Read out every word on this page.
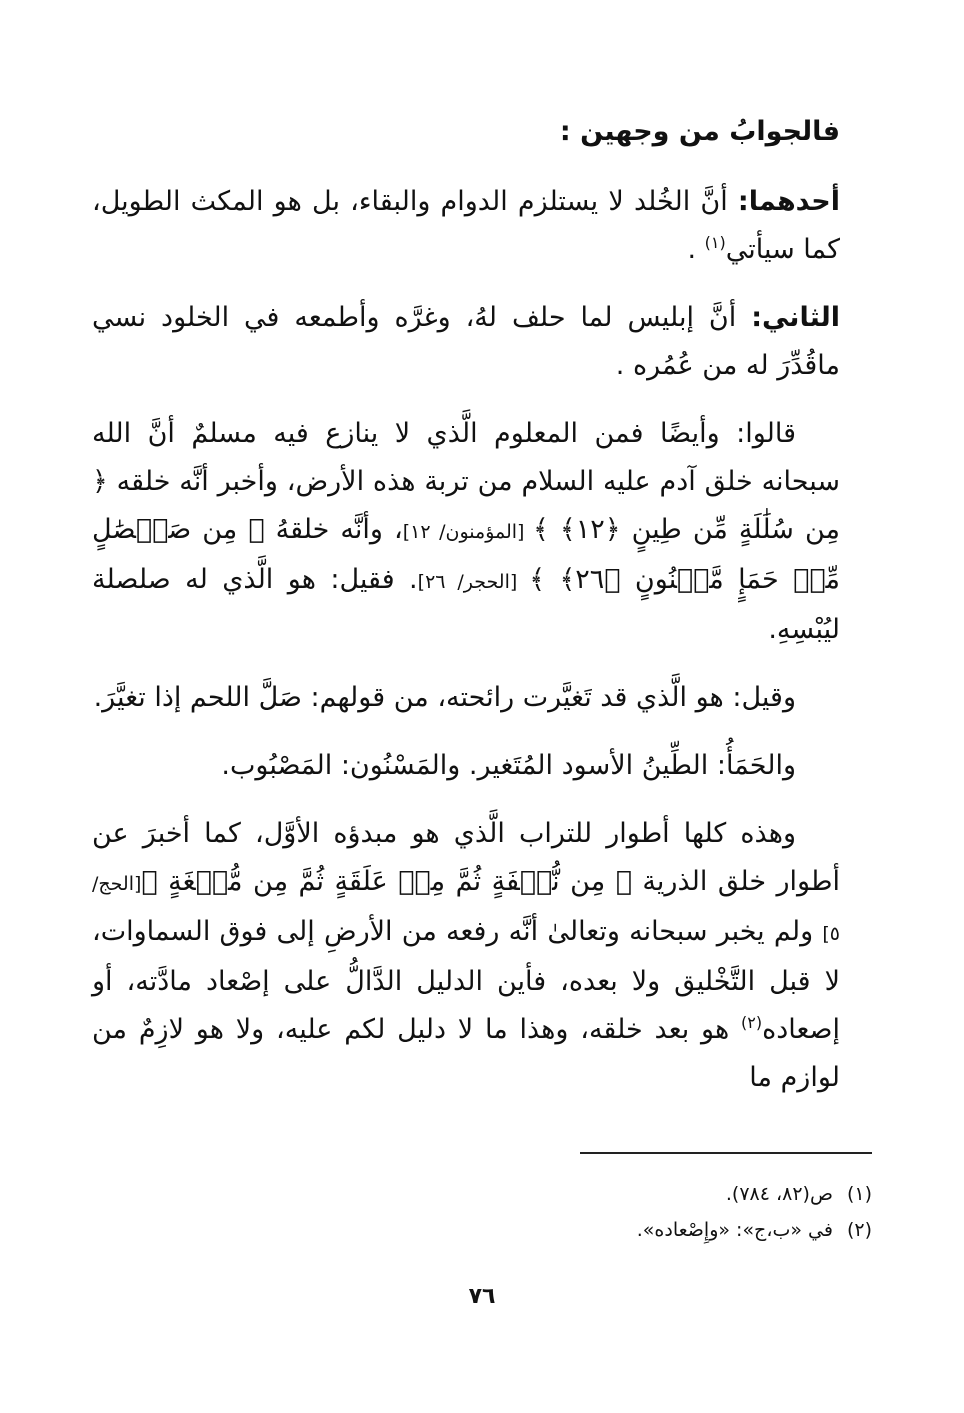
فالجوابُ من وجهين :

أحدهما: أنَّ الخُلد لا يستلزم الدوام والبقاء، بل هو المكث الطويل، كما سيأتي$^{(١)}$ .

الثاني: أنَّ إبليس لما حلف لهُ، وغرَّه وأطمعه في الخلود نسي ماقُدِّرَ له من عُمُره .

قالوا: وأيضًا فمن المعلوم الَّذي لا ينازع فيه مسلمٌ أنَّ الله سبحانه خلق آدم عليه السلام من تربة هذه الأرض، وأخبر أنَّه خلقه ﴿ مِن سُلَٰلَةٍ مِّن طِينٍ ﴿١٢﴾ ﴾ [المؤمنون/ ١٢]، وأنَّه خلقهُ ﴿ مِن صَلۡصَٰلٍ مِّنۡ حَمَإٍ مَّسۡنُونٍ ﴿٢٦﴾ ﴾ [الحجر/ ٢٦]. فقيل: هو الَّذي له صلصلة ليُبْسِهِ.

وقيل: هو الَّذي قد تَغيَّرت رائحته، من قولهم: صَلَّ اللحم إذا تغيَّرَ.

والحَمَأُ: الطِّينُ الأسود المُتَغير. والمَسْنُون: المَصْبُوب.

وهذه كلها أطوار للتراب الَّذي هو مبدؤه الأوَّل، كما أخبرَ عن أطوار خلق الذرية ﴿ مِن نُّطۡفَةٍ ثُمَّ مِنۡ عَلَقَةٍ ثُمَّ مِن مُّضۡغَةٍ ﴾[الحج/ ٥] ولم يخبر سبحانه وتعالىٰ أنَّه رفعه من الأرضِ إلى فوق السماوات، لا قبل التَّخْليق ولا بعده، فأين الدليل الدَّالُّ على إصْعاد مادَّته، أو إصعاده$^{(٢)}$ هو بعد خلقه، وهذا ما لا دليل لكم عليه، ولا هو لازِمٌ من لوازم ما

(١)ص(٨٢، ٧٨٤).
(٢)في «ب،ج»: «وإِصْعاده».
٧٦
